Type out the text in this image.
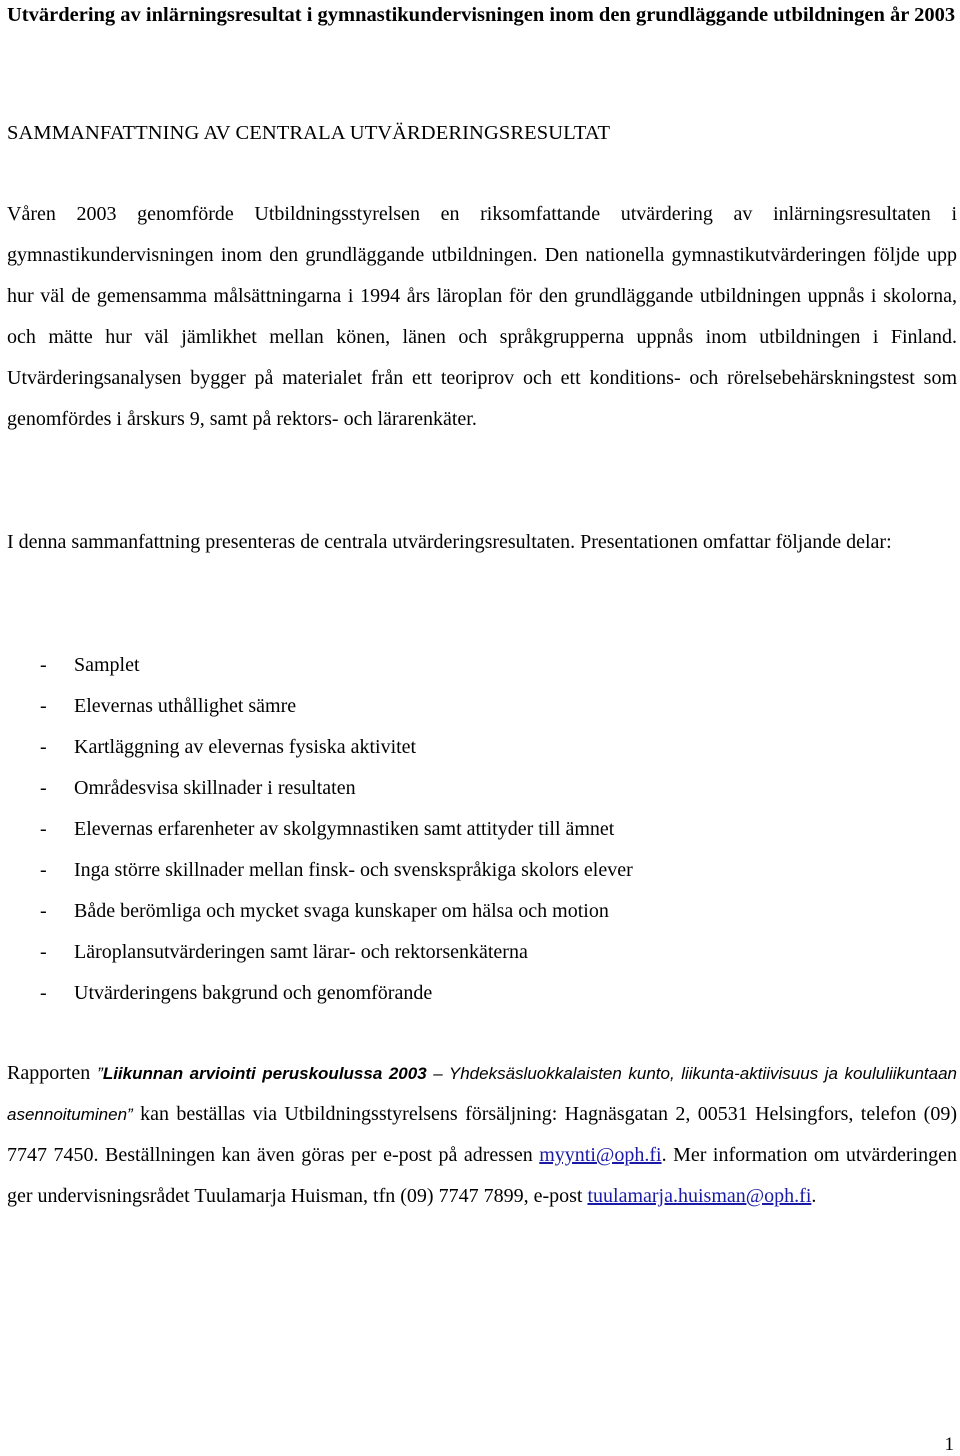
Utvärdering av inlärningsresultat i gymnastikundervisningen inom den grundläggande utbildningen år 2003

SAMMANFATTNING AV CENTRALA UTVÄRDERINGSRESULTAT

Våren 2003 genomförde Utbildningsstyrelsen en riksomfattande utvärdering av inlärningsresultaten i gymnastikundervisningen inom den grundläggande utbildningen. Den nationella gymnastikutvärderingen följde upp hur väl de gemensamma målsättningarna i 1994 års läroplan för den grundläggande utbildningen uppnås i skolorna, och mätte hur väl jämlikhet mellan könen, länen och språkgrupperna uppnås inom utbildningen i Finland. Utvärderingsanalysen bygger på materialet från ett teoriprov och ett konditions- och rörelsebehärskningstest som genomfördes i årskurs 9, samt på rektors- och lärarenkäter.

I denna sammanfattning presenteras de centrala utvärderingsresultaten. Presentationen omfattar följande delar:

- Samplet
- Elevernas uthållighet sämre
- Kartläggning av elevernas fysiska aktivitet
- Områdesvisa skillnader i resultaten
- Elevernas erfarenheter av skolgymnastiken samt attityder till ämnet
- Inga större skillnader mellan finsk- och svenskspråkiga skolors elever
- Både berömliga och mycket svaga kunskaper om hälsa och motion
- Läroplansutvärderingen samt lärar- och rektorsenkäterna
- Utvärderingens bakgrund och genomförande

Rapporten ”Liikunnan arviointi peruskoulussa 2003 – Yhdeksäsluokkalaisten kunto, liikunta-aktiivisuus ja koululiikuntaan asennoituminen” kan beställas via Utbildningsstyrelsens försäljning: Hagnäsgatan 2, 00531 Helsingfors, telefon (09) 7747 7450. Beställningen kan även göras per e-post på adressen myynti@oph.fi. Mer information om utvärderingen ger undervisningsrådet Tuulamarja Huisman, tfn (09) 7747 7899, e-post tuulamarja.huisman@oph.fi.

1
